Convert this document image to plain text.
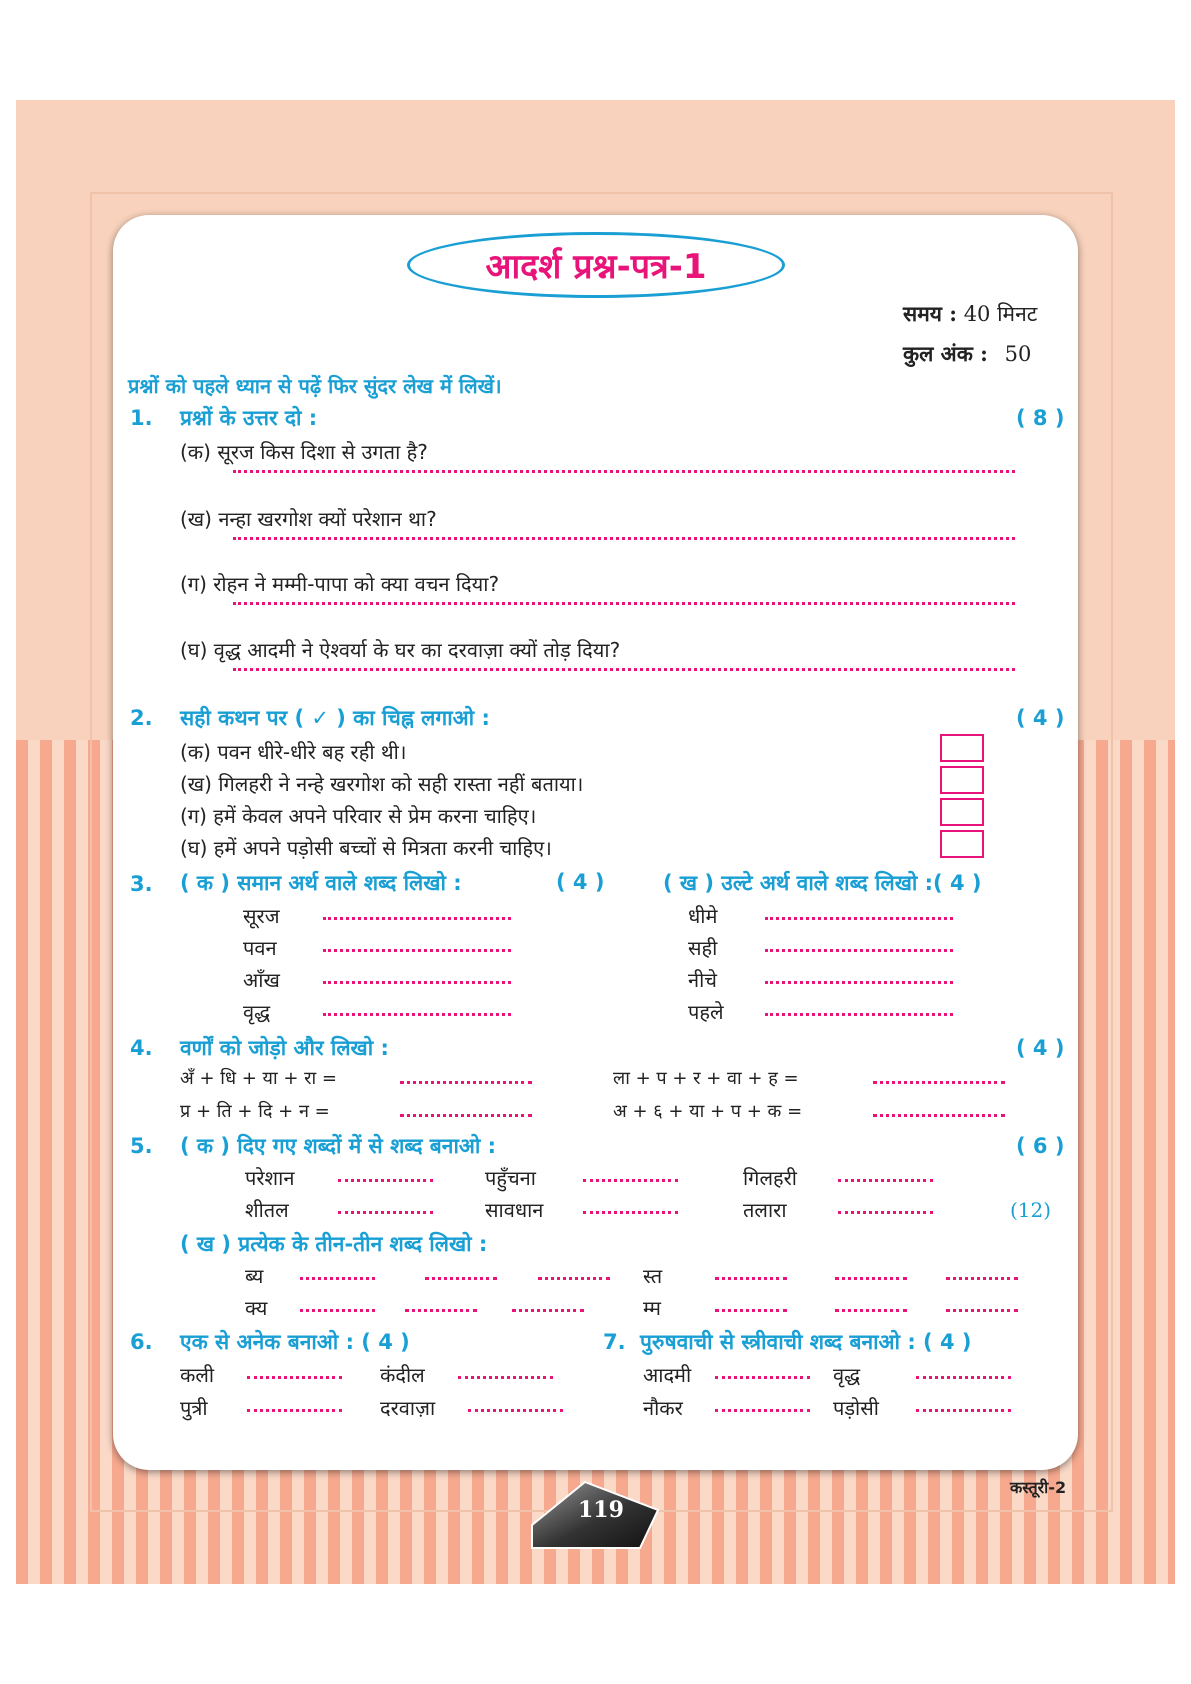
आदर्श प्रश्न-पत्र-1
समय : 40 मिनट
कुल अंक : 50
प्रश्नों को पहले ध्यान से पढ़ें फिर सुंदर लेख में लिखें।
1. प्रश्नों के उत्तर दो :	( 8 )
(क) सूरज किस दिशा से उगता है?
(ख) नन्हा खरगोश क्यों परेशान था?
(ग) रोहन ने मम्मी-पापा को क्या वचन दिया?
(घ) वृद्ध आदमी ने ऐश्वर्या के घर का दरवाज़ा क्यों तोड़ दिया?
2. सही कथन पर ( ✓ ) का चिह्न लगाओ :	( 4 )
(क) पवन धीरे-धीरे बह रही थी।
(ख) गिलहरी ने नन्हे खरगोश को सही रास्ता नहीं बताया।
(ग) हमें केवल अपने परिवार से प्रेम करना चाहिए।
(घ) हमें अपने पड़ोसी बच्चों से मित्रता करनी चाहिए।
3. ( क ) समान अर्थ वाले शब्द लिखो :	( 4 )	( ख ) उल्टे अर्थ वाले शब्द लिखो :( 4 )
सूरज
पवन
आँख
वृद्ध
धीमे
सही
नीचे
पहले
4. वर्णों को जोड़ो और लिखो :	( 4 )
अँ + धि + या + रा =	ला + प + र + वा + ह =
प्र + ति + दि + न =	अ + ६ + या + प + क =
5. ( क ) दिए गए शब्दों में से शब्द बनाओ :	( 6 )
परेशान	पहुँचना	गिलहरी
शीतल	सावधान	तलारा	(12)
( ख ) प्रत्येक के तीन-तीन शब्द लिखो :
ब्य	स्त
क्य	म्म
6. एक से अनेक बनाओ : ( 4 )
कली	कंदील
पुत्री	दरवाज़ा
7. पुरुषवाची से स्त्रीवाची शब्द बनाओ : ( 4 )
आदमी	वृद्ध
नौकर	पड़ोसी
119
कस्तूरी-2
